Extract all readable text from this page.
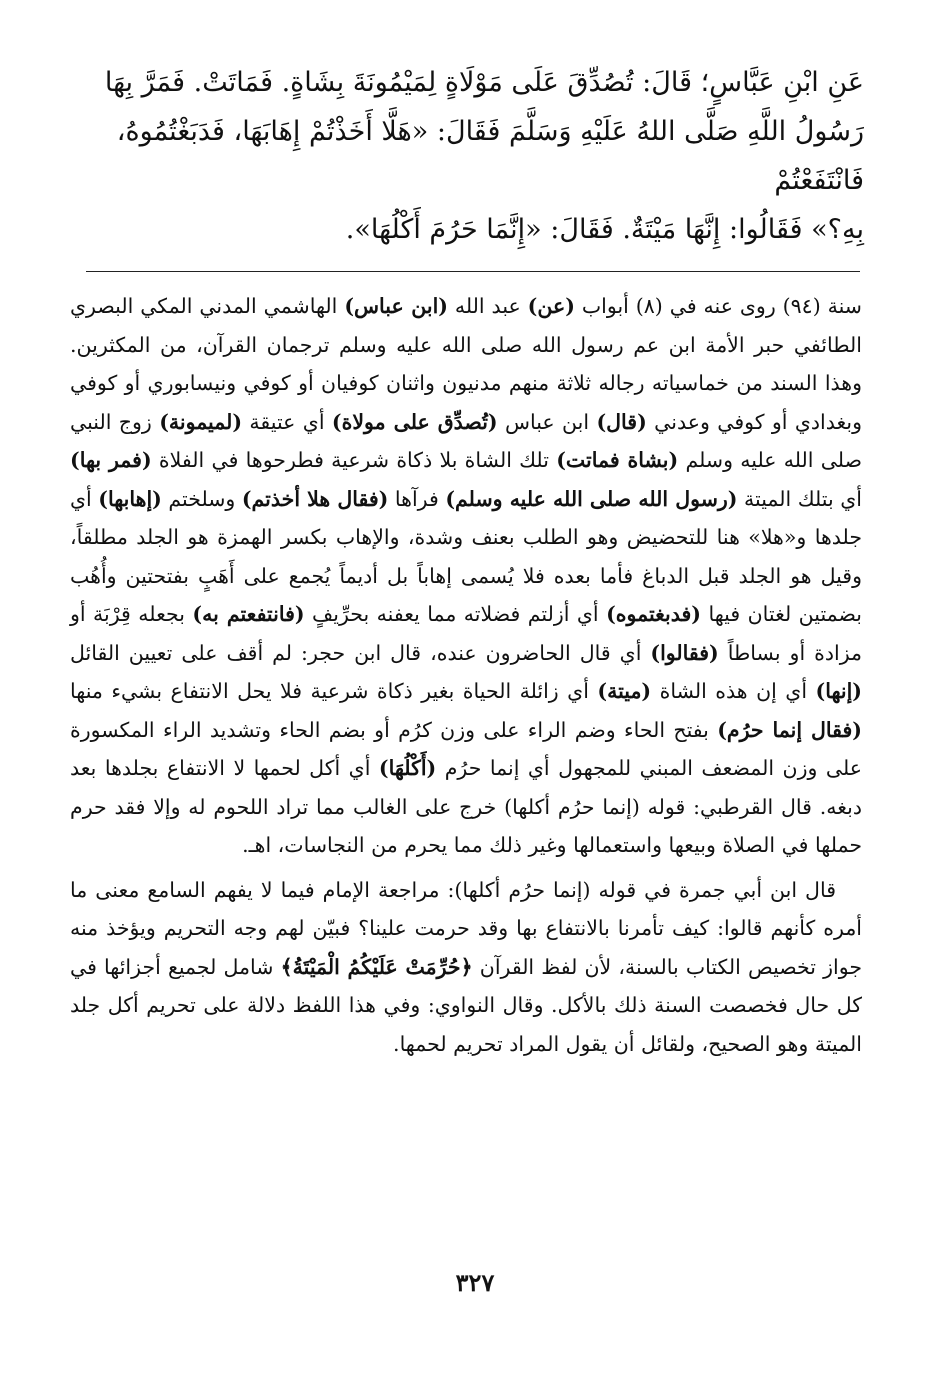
عَنِ ابْنِ عَبَّاسٍ؛ قَالَ: تُصُدِّقَ عَلَى مَوْلَاةٍ لِمَيْمُونَةَ بِشَاةٍ. فَمَاتَتْ. فَمَرَّ بِهَا
رَسُولُ اللَّهِ صَلَّى اللهُ عَلَيْهِ وَسَلَّمَ فَقَالَ: «هَلَّا أَخَذْتُمْ إِهَابَهَا، فَدَبَغْتُمُوهُ، فَانْتَفَعْتُمْ
بِهِ؟» فَقَالُوا: إِنَّهَا مَيْتَةٌ. فَقَالَ: «إِنَّمَا حَرُمَ أَكْلُهَا».

سنة (٩٤) روى عنه في (٨) أبواب (عن) عبد الله (ابن عباس) الهاشمي المدني المكي البصري الطائفي حبر الأمة ابن عم رسول الله صلى الله عليه وسلم ترجمان القرآن، من المكثرين. وهذا السند من خماسياته رجاله ثلاثة منهم مدنيون واثنان كوفيان أو كوفي ونيسابوري أو كوفي وبغدادي أو كوفي وعدني (قال) ابن عباس (تُصدِّق على مولاة) أي عتيقة (لميمونة) زوج النبي صلى الله عليه وسلم (بشاة فماتت) تلك الشاة بلا ذكاة شرعية فطرحوها في الفلاة (فمر بها) أي بتلك الميتة (رسول الله صلى الله عليه وسلم) فرآها (فقال هلا أخذتم) وسلختم (إهابها) أي جلدها و«هلا» هنا للتحضيض وهو الطلب بعنف وشدة، والإهاب بكسر الهمزة هو الجلد مطلقاً، وقيل هو الجلد قبل الدباغ فأما بعده فلا يُسمى إهاباً بل أديماً يُجمع على أَهَبٍ بفتحتين وأُهُب بضمتين لغتان فيها (فدبغتموه) أي أزلتم فضلاته مما يعفنه بحرِّيفٍ (فانتفعتم به) بجعله قِرْبَة أو مزادة أو بساطاً (فقالوا) أي قال الحاضرون عنده، قال ابن حجر: لم أقف على تعيين القائل (إنها) أي إن هذه الشاة (ميتة) أي زائلة الحياة بغير ذكاة شرعية فلا يحل الانتفاع بشيء منها (فقال إنما حرُم) بفتح الحاء وضم الراء على وزن كرُم أو بضم الحاء وتشديد الراء المكسورة على وزن المضعف المبني للمجهول أي إنما حرُم (أَكْلُهَا) أي أكل لحمها لا الانتفاع بجلدها بعد دبغه. قال القرطبي: قوله (إنما حرُم أكلها) خرج على الغالب مما تراد اللحوم له وإلا فقد حرم حملها في الصلاة وبيعها واستعمالها وغير ذلك مما يحرم من النجاسات، اهـ.

قال ابن أبي جمرة في قوله (إنما حرُم أكلها): مراجعة الإمام فيما لا يفهم السامع معنى ما أمره كأنهم قالوا: كيف تأمرنا بالانتفاع بها وقد حرمت علينا؟ فبيّن لهم وجه التحريم ويؤخذ منه جواز تخصيص الكتاب بالسنة، لأن لفظ القرآن ﴿حُرِّمَتْ عَلَيْكُمُ الْمَيْتَةُ﴾ شامل لجميع أجزائها في كل حال فخصصت السنة ذلك بالأكل. وقال النواوي: وفي هذا اللفظ دلالة على تحريم أكل جلد الميتة وهو الصحيح، ولقائل أن يقول المراد تحريم لحمها.

٣٢٧
